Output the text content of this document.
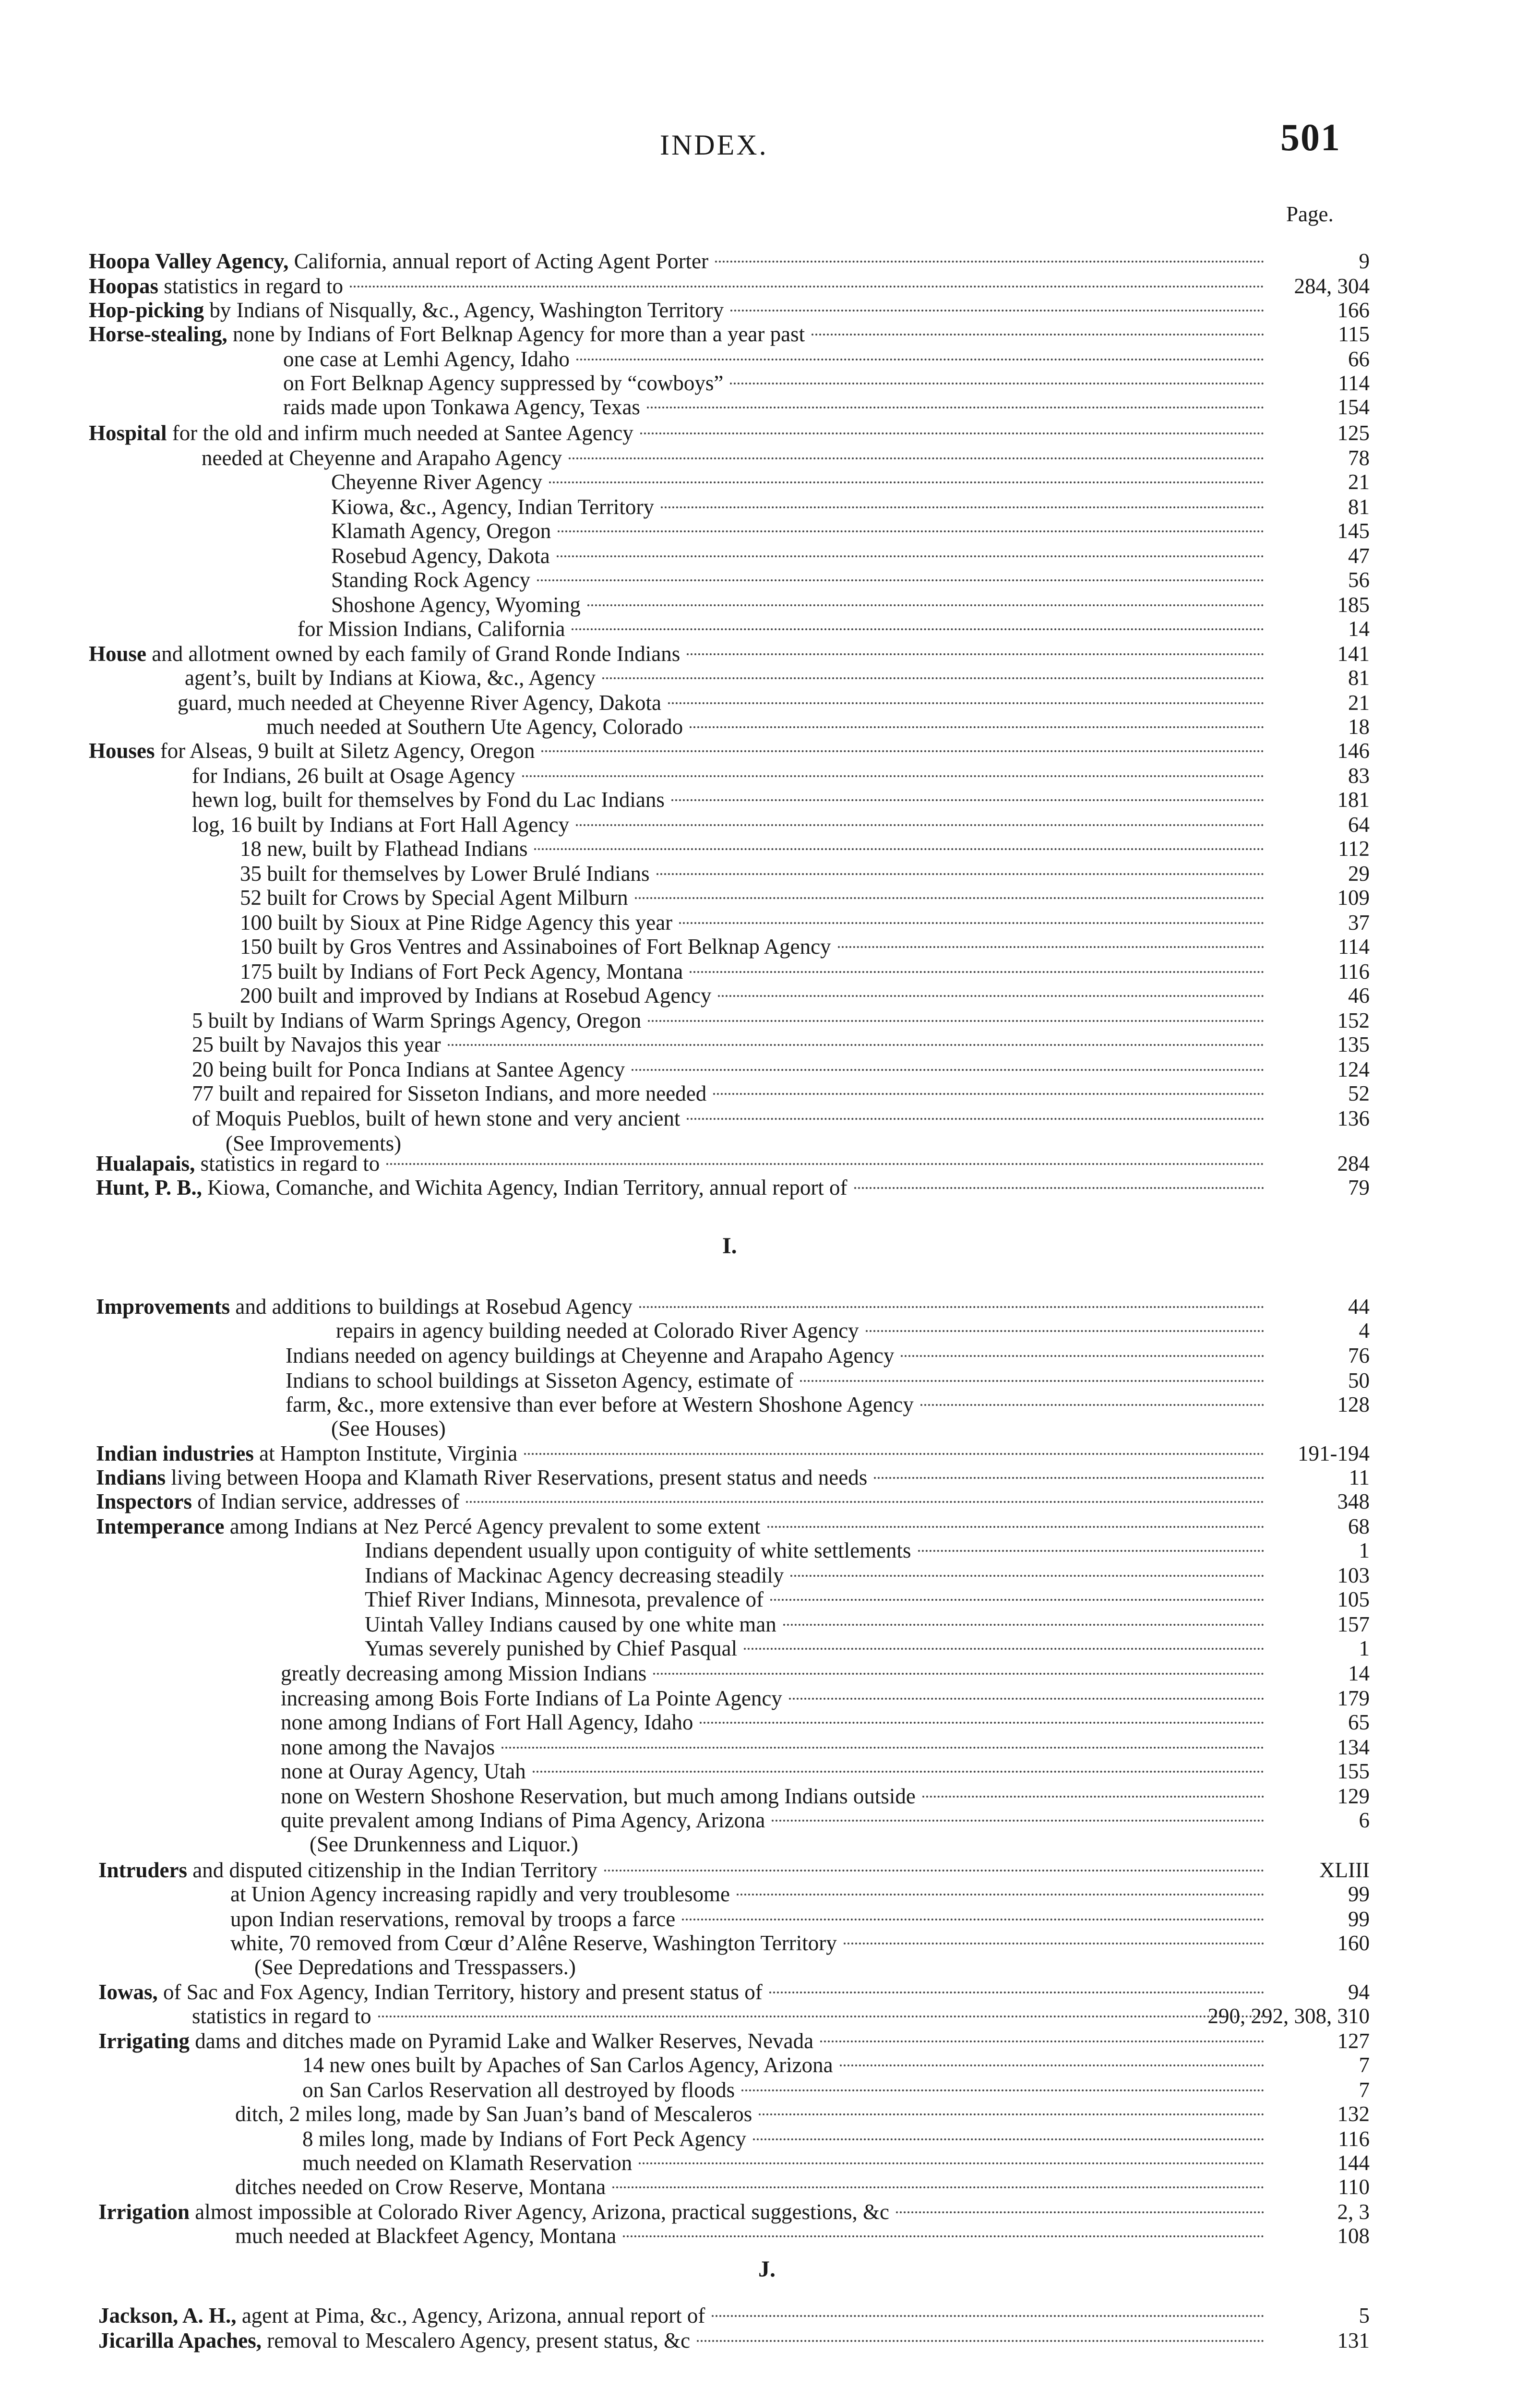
INDEX.	501
Page.
I.
J.
Hoopa Valley Agency, California, annual report of Acting Agent Porter	9
Hoopas statistics in regard to	284, 304
Hop-picking by Indians of Nisqually, &c., Agency, Washington Territory	166
Horse-stealing, none by Indians of Fort Belknap Agency for more than a year past	115
one case at Lemhi Agency, Idaho	66
on Fort Belknap Agency suppressed by “cowboys”	114
raids made upon Tonkawa Agency, Texas	154
Hospital for the old and infirm much needed at Santee Agency	125
needed at Cheyenne and Arapaho Agency	78
Cheyenne River Agency	21
Kiowa, &c., Agency, Indian Territory	81
Klamath Agency, Oregon	145
Rosebud Agency, Dakota	47
Standing Rock Agency	56
Shoshone Agency, Wyoming	185
for Mission Indians, California	14
House and allotment owned by each family of Grand Ronde Indians	141
agent’s, built by Indians at Kiowa, &c., Agency	81
guard, much needed at Cheyenne River Agency, Dakota	21
much needed at Southern Ute Agency, Colorado	18
Houses for Alseas, 9 built at Siletz Agency, Oregon	146
for Indians, 26 built at Osage Agency	83
hewn log, built for themselves by Fond du Lac Indians	181
log, 16 built by Indians at Fort Hall Agency	64
18 new, built by Flathead Indians	112
35 built for themselves by Lower Brulé Indians	29
52 built for Crows by Special Agent Milburn	109
100 built by Sioux at Pine Ridge Agency this year	37
150 built by Gros Ventres and Assinaboines of Fort Belknap Agency	114
175 built by Indians of Fort Peck Agency, Montana	116
200 built and improved by Indians at Rosebud Agency	46
5 built by Indians of Warm Springs Agency, Oregon	152
25 built by Navajos this year	135
20 being built for Ponca Indians at Santee Agency	124
77 built and repaired for Sisseton Indians, and more needed	52
of Moquis Pueblos, built of hewn stone and very ancient	136
(See Improvements)
Hualapais, statistics in regard to	284
Hunt, P. B., Kiowa, Comanche, and Wichita Agency, Indian Territory, annual report of	79
Improvements and additions to buildings at Rosebud Agency	44
repairs in agency building needed at Colorado River Agency	4
Indians needed on agency buildings at Cheyenne and Arapaho Agency	76
Indians to school buildings at Sisseton Agency, estimate of	50
farm, &c., more extensive than ever before at Western Shoshone Agency	128
(See Houses)
Indian industries at Hampton Institute, Virginia	191-194
Indians living between Hoopa and Klamath River Reservations, present status and needs	11
Inspectors of Indian service, addresses of	348
Intemperance among Indians at Nez Percé Agency prevalent to some extent	68
Indians dependent usually upon contiguity of white settlements	1
Indians of Mackinac Agency decreasing steadily	103
Thief River Indians, Minnesota, prevalence of	105
Uintah Valley Indians caused by one white man	157
Yumas severely punished by Chief Pasqual	1
greatly decreasing among Mission Indians	14
increasing among Bois Forte Indians of La Pointe Agency	179
none among Indians of Fort Hall Agency, Idaho	65
none among the Navajos	134
none at Ouray Agency, Utah	155
none on Western Shoshone Reservation, but much among Indians outside	129
quite prevalent among Indians of Pima Agency, Arizona	6
(See Drunkenness and Liquor.)
Intruders and disputed citizenship in the Indian Territory	XLIII
at Union Agency increasing rapidly and very troublesome	99
upon Indian reservations, removal by troops a farce	99
white, 70 removed from Cœur d’Alêne Reserve, Washington Territory	160
(See Depredations and Tresspassers.)
Iowas, of Sac and Fox Agency, Indian Territory, history and present status of	94
statistics in regard to	290, 292, 308, 310
Irrigating dams and ditches made on Pyramid Lake and Walker Reserves, Nevada	127
14 new ones built by Apaches of San Carlos Agency, Arizona	7
on San Carlos Reservation all destroyed by floods	7
ditch, 2 miles long, made by San Juan’s band of Mescaleros	132
8 miles long, made by Indians of Fort Peck Agency	116
much needed on Klamath Reservation	144
ditches needed on Crow Reserve, Montana	110
Irrigation almost impossible at Colorado River Agency, Arizona, practical suggestions, &c	2, 3
much needed at Blackfeet Agency, Montana	108
Jackson, A. H., agent at Pima, &c., Agency, Arizona, annual report of	5
Jicarilla Apaches, removal to Mescalero Agency, present status, &c	131
